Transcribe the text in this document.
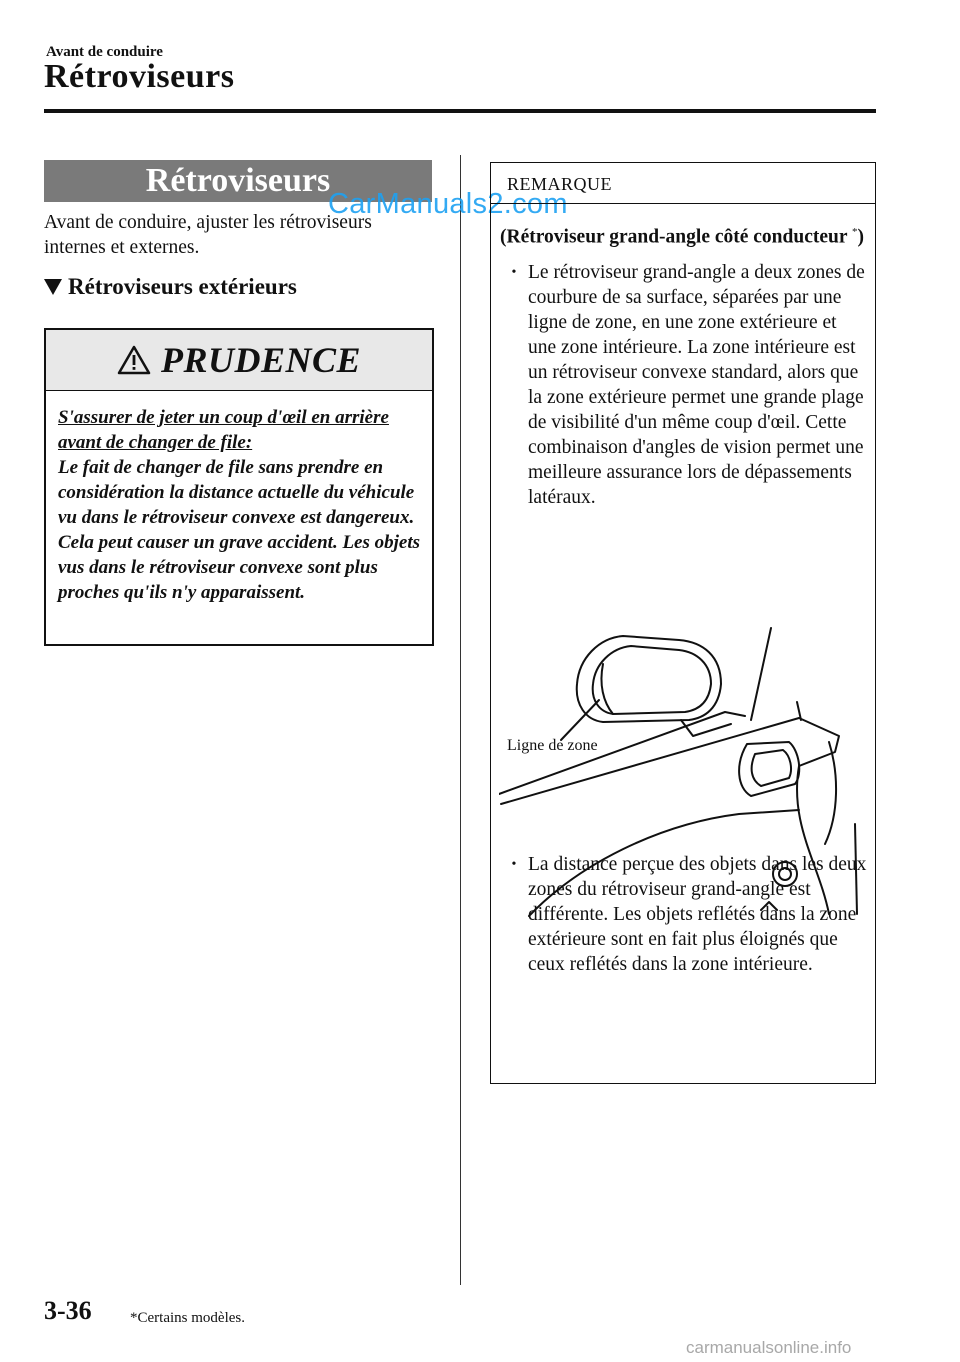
Avant de conduire
Rétroviseurs
Rétroviseurs
Avant de conduire, ajuster les rétroviseurs internes et externes.
Rétroviseurs extérieurs
PRUDENCE
S'assurer de jeter un coup d'œil en arrière avant de changer de file:
Le fait de changer de file sans prendre en considération la distance actuelle du véhicule vu dans le rétroviseur convexe est dangereux. Cela peut causer un grave accident. Les objets vus dans le rétroviseur convexe sont plus proches qu'ils n'y apparaissent.
CarManuals2.com
REMARQUE
(Rétroviseur grand-angle côté conducteur *)
• Le rétroviseur grand-angle a deux zones de courbure de sa surface, séparées par une ligne de zone, en une zone extérieure et une zone intérieure. La zone intérieure est un rétroviseur convexe standard, alors que la zone extérieure permet une grande plage de visibilité d'un même coup d'œil. Cette combinaison d'angles de vision permet une meilleure assurance lors de dépassements latéraux.
• La distance perçue des objets dans les deux zones du rétroviseur grand-angle est différente. Les objets reflétés dans la zone extérieure sont en fait plus éloignés que ceux reflétés dans la zone intérieure.
Ligne de zone
3-36	*Certains modèles.
carmanualsonline.info
